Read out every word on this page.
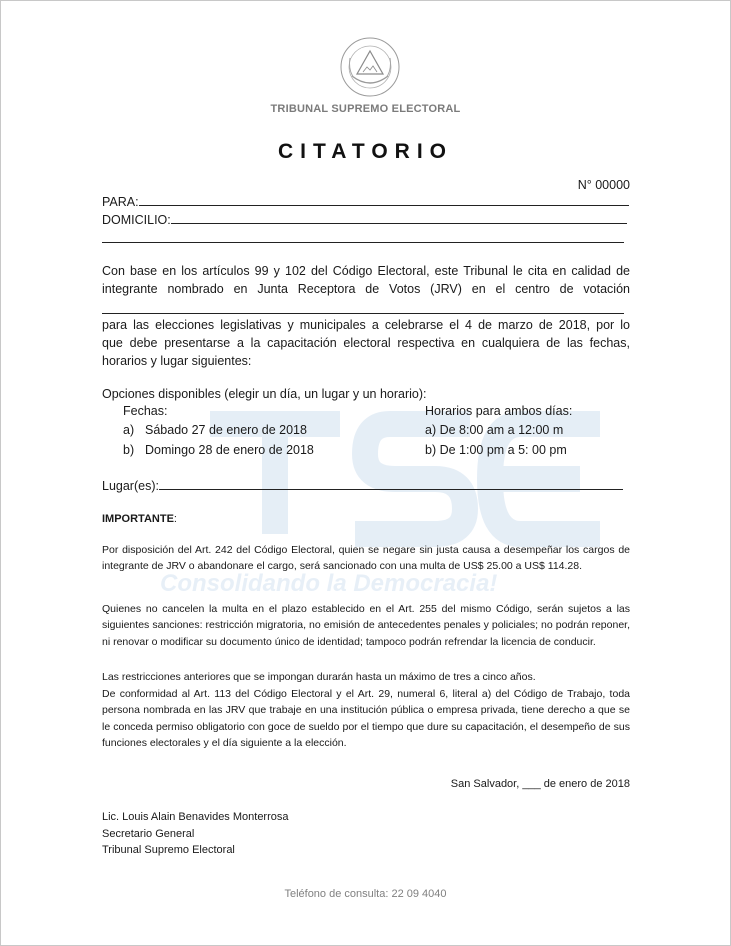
Consolidando la Democracia!
TRIBUNAL SUPREMO ELECTORAL
CITATORIO
N° 00000
PARA:
DOMICILIO:
Con base en los artículos 99 y 102 del Código Electoral, este Tribunal le cita en calidad de
integrante nombrado en Junta Receptora de Votos (JRV) en el centro de votación
para las elecciones legislativas y municipales a celebrarse el 4 de marzo de 2018, por lo
que debe presentarse a la capacitación electoral respectiva en cualquiera de las fechas,
horarios y lugar siguientes:
Opciones disponibles (elegir un día, un lugar y un horario):
Fechas:	Horarios para ambos días:
a) Sábado 27 de enero de 2018	a) De 8:00 am a 12:00 m
b) Domingo 28 de enero de 2018	b) De 1:00 pm a 5: 00 pm
Lugar(es):
IMPORTANTE:
Por disposición del Art. 242 del Código Electoral, quien se negare sin justa causa a desempeñar los cargos de integrante de JRV o abandonare el cargo, será sancionado con una multa de US$ 25.00 a US$ 114.28.
Quienes no cancelen la multa en el plazo establecido en el Art. 255 del mismo Código, serán sujetos a las siguientes sanciones: restricción migratoria, no emisión de antecedentes penales y policiales; no podrán reponer, ni renovar o modificar su documento único de identidad; tampoco podrán refrendar la licencia de conducir.
Las restricciones anteriores que se impongan durarán hasta un máximo de tres a cinco años.
De conformidad al Art. 113 del Código Electoral y el Art. 29, numeral 6, literal a) del Código de Trabajo, toda persona nombrada en las JRV que trabaje en una institución pública o empresa privada, tiene derecho a que se le conceda permiso obligatorio con goce de sueldo por el tiempo que dure su capacitación, el desempeño de sus funciones electorales y el día siguiente a la elección.
San Salvador, ___ de enero de 2018
Lic. Louis Alain Benavides Monterrosa
Secretario General
Tribunal Supremo Electoral
Teléfono de consulta: 22 09 4040
